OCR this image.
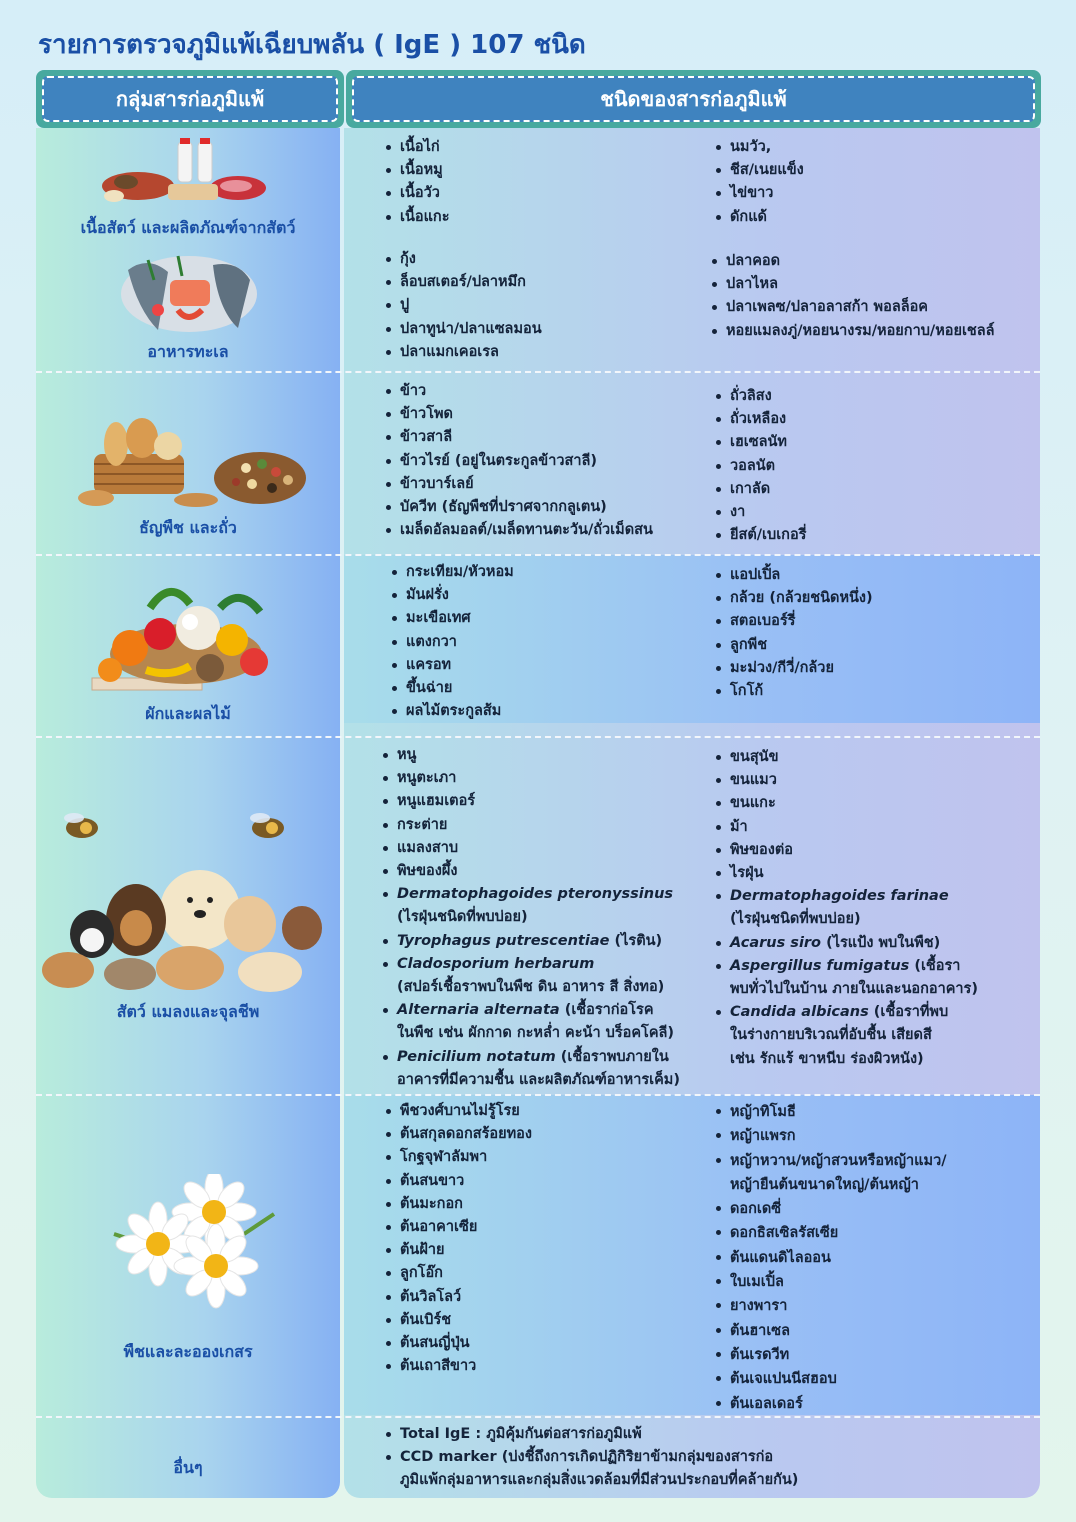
รายการตรวจภูมิแพ้เฉียบพลัน ( IgE ) 107 ชนิด
กลุ่มสารก่อภูมิแพ้	ชนิดของสารก่อภูมิแพ้
เนื้อสัตว์ และผลิตภัณฑ์จากสัตว์
อาหารทะเล
ธัญพืช และถั่ว
ผักและผลไม้
สัตว์ แมลงและจุลชีพ
พืชและละอองเกสร
อื่นๆ
เนื้อไก่
เนื้อหมู
เนื้อวัว
เนื้อแกะ
นมวัว,
ชีส/เนยแข็ง
ไข่ขาว
ดักแด้
กุ้ง
ล็อบสเตอร์/ปลาหมึก
ปู
ปลาทูน่า/ปลาแซลมอน
ปลาแมกเคอเรล
ปลาคอด
ปลาไหล
ปลาเพลซ/ปลาอลาสก้า พอลล็อค
หอยแมลงภู่/หอยนางรม/หอยกาบ/หอยเชลล์
ข้าว
ข้าวโพด
ข้าวสาลี
ข้าวไรย์ (อยู่ในตระกูลข้าวสาลี)
ข้าวบาร์เลย์
บัควีท (ธัญพืชที่ปราศจากกลูเตน)
เมล็ดอัลมอลต์/เมล็ดทานตะวัน/ถั่วเม็ดสน
ถั่วลิสง
ถั่วเหลือง
เฮเซลนัท
วอลนัต
เกาลัด
งา
ยีสต์/เบเกอรี่
กระเทียม/หัวหอม
มันฝรั่ง
มะเขือเทศ
แตงกวา
แครอท
ขึ้นฉ่าย
ผลไม้ตระกูลส้ม
แอปเปิ้ล
กล้วย (กล้วยชนิดหนึ่ง)
สตอเบอร์รี่
ลูกพีช
มะม่วง/กีวี่/กล้วย
โกโก้
หนู
หนูตะเภา
หนูแฮมเตอร์
กระต่าย
แมลงสาบ
พิษของผึ้ง
Dermatophagoides pteronyssinus
(ไรฝุ่นชนิดที่พบบ่อย)
Tyrophagus putrescentiae (ไรติน)
Cladosporium herbarum
(สปอร์เชื้อราพบในพืช ดิน อาหาร สี สิ่งทอ)
Alternaria alternata (เชื้อราก่อโรค
ในพืช เช่น ผักกาด กะหล่ำ คะน้า บร็อคโคลี)
Penicilium notatum (เชื้อราพบภายใน
อาคารที่มีความชื้น และผลิตภัณฑ์อาหารเค็ม)
ขนสุนัข
ขนแมว
ขนแกะ
ม้า
พิษของต่อ
ไรฝุ่น
Dermatophagoides farinae
(ไรฝุ่นชนิดที่พบบ่อย)
Acarus siro (ไรแป้ง พบในพืช)
Aspergillus fumigatus (เชื้อรา
พบทั่วไปในบ้าน ภายในและนอกอาคาร)
Candida albicans (เชื้อราที่พบ
ในร่างกายบริเวณที่อับชื้น เสียดสี
เช่น รักแร้ ขาหนีบ ร่องผิวหนัง)
พืชวงศ์บานไม่รู้โรย
ต้นสกุลดอกสร้อยทอง
โกฐจุฬาลัมพา
ต้นสนขาว
ต้นมะกอก
ต้นอาคาเซีย
ต้นฝ้าย
ลูกโอ๊ก
ต้นวิลโลว์
ต้นเบิร์ช
ต้นสนญี่ปุ่น
ต้นเถาสีขาว
หญ้าทิโมธี
หญ้าแพรก
หญ้าหวาน/หญ้าสวนหรือหญ้าแมว/
หญ้ายืนต้นขนาดใหญ่/ต้นหญ้า
ดอกเดซี่
ดอกธิสเซิลรัสเซีย
ต้นแดนดิไลออน
ใบเมเปิ้ล
ยางพารา
ต้นฮาเซล
ต้นเรดวีท
ต้นเจแปนนีสฮอบ
ต้นเอลเดอร์
Total IgE : ภูมิคุ้มกันต่อสารก่อภูมิแพ้
CCD marker (บ่งชี้ถึงการเกิดปฏิกิริยาข้ามกลุ่มของสารก่อ
ภูมิแพ้กลุ่มอาหารและกลุ่มสิ่งแวดล้อมที่มีส่วนประกอบที่คล้ายกัน)
